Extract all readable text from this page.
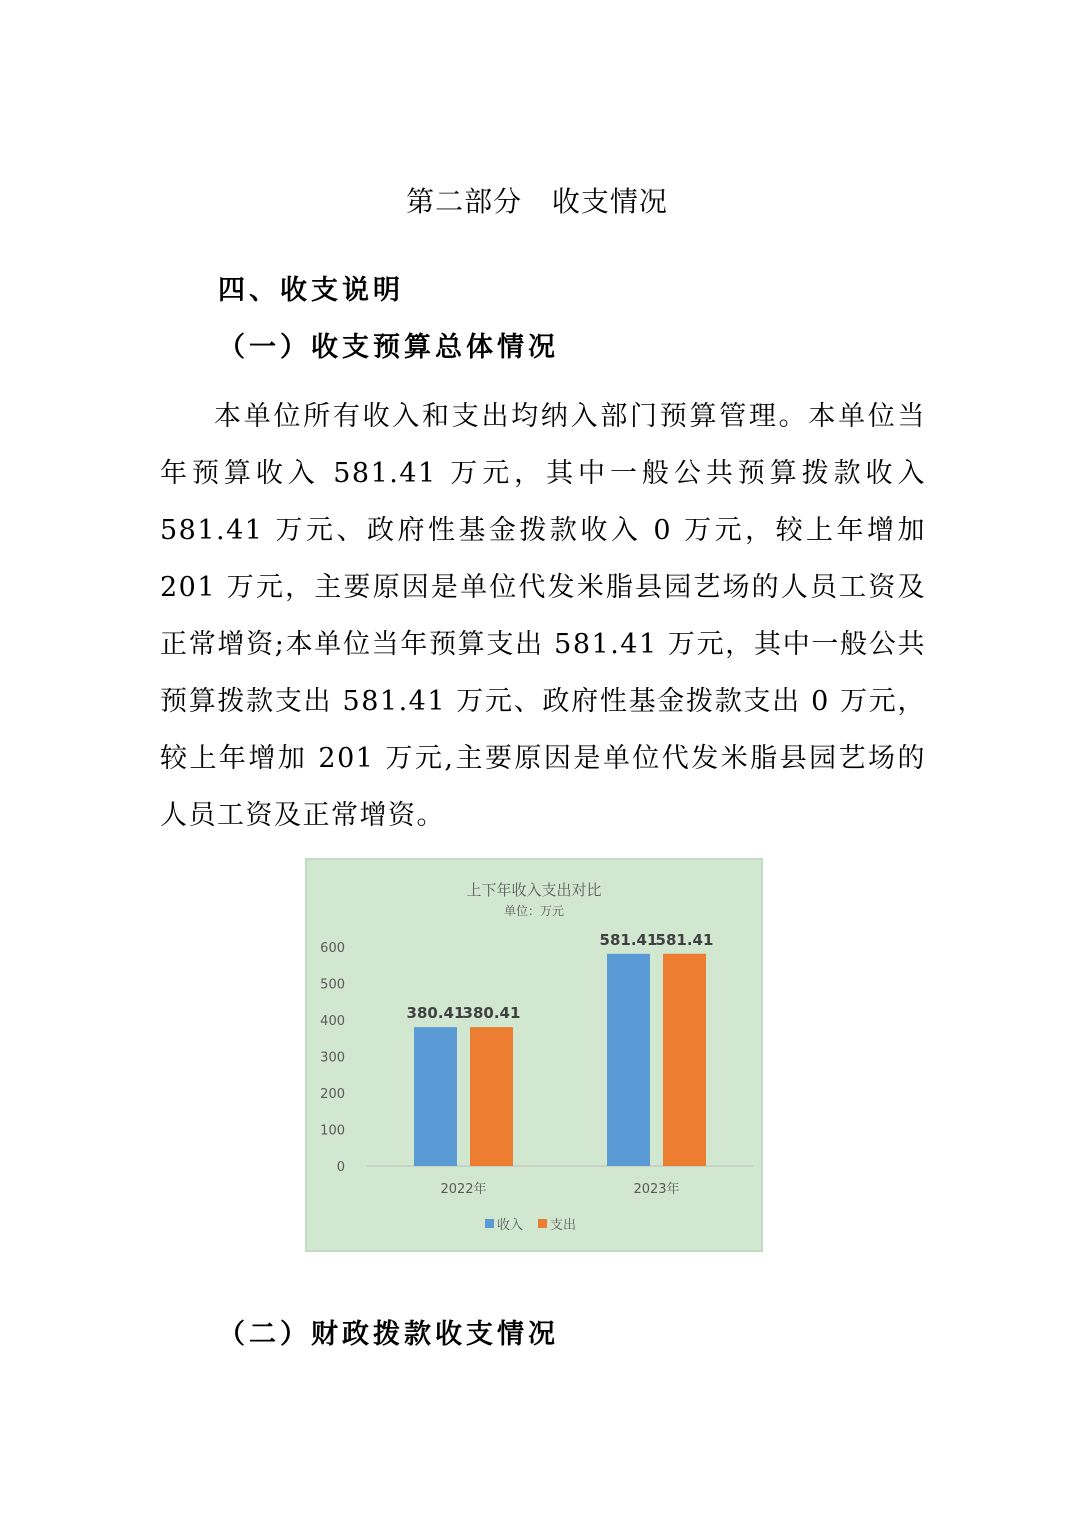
第二部分   收支情况
四、收支说明
（一）收支预算总体情况
本单位所有收入和支出均纳入部门预算管理。本单位当年预算收入 581.41 万元，其中一般公共预算拨款收入 581.41 万元、政府性基金拨款收入 0 万元，较上年增加 201 万元，主要原因是单位代发米脂县园艺场的人员工资及正常增资;本单位当年预算支出 581.41 万元，其中一般公共预算拨款支出 581.41 万元、政府性基金拨款支出 0 万元，较上年增加 201 万元,主要原因是单位代发米脂县园艺场的人员工资及正常增资。
上下年收入支出对比
单位：万元
0
100
200
300
400
500
600
380.41
380.41
581.41
581.41
2022年	2023年
收入 支出
（二）财政拨款收支情况
